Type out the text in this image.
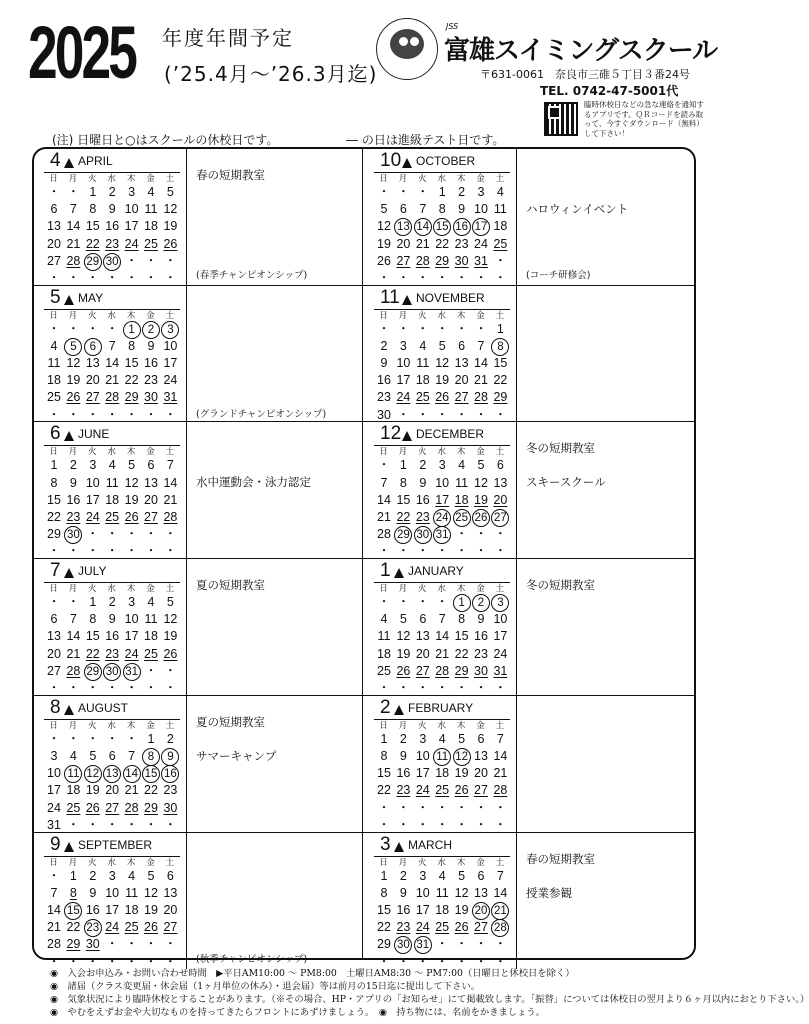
2025 年度年間予定
(’25.4月～’26.3月迄)
JSS
富雄スイミングスクール
〒631-0061　奈良市三碓５丁目３番24号
TEL. 0742-47-5001代
臨時休校日などの急な連絡を通知するアプリです。ＱＲコードを読み取って、今すぐダウンロード（無料）して下さい！
(注) 日曜日と○はスクールの休校日です。	― の日は進級テスト日です。
4 APRIL
日	月	火	水	木	金	土
・ ・ 1 2 3 4 5
6 7 8 9 10 11 12
13 14 15 16 17 18 19
20 21 22 23 24 25 26
27 28 29 30 ・ ・ ・
・ ・ ・ ・ ・ ・ ・
春の短期教室
(春季チャンピオンシップ)
5 MAY
日	月	火	水	木	金	土
・ ・ ・ ・ 1	2	3
4	5	6	7 8 9 10
11 12 13 14 15 16 17
18 19 20 21 22 23 24
25 26 27 28 29 30 31
・ ・ ・ ・ ・ ・ ・	(グランドチャンピオンシップ)
6 JUNE
日	月	火	水	木	金	土
1 2 3 4 5 6 7
8 9 10 11 12 13 14
15 16 17 18 19 20 21
22 23 24 25 26 27 28
29 30 ・ ・ ・ ・ ・
・ ・ ・ ・ ・ ・ ・
水中運動会・泳力認定
7 JULY
日	月	火	水	木	金	土
・ ・ 1 2 3 4 5
6 7 8 9 10 11 12
13 14 15 16 17 18 19
20 21 22 23 24 25 26
27 28 29 30 31 ・ ・
・ ・ ・ ・ ・ ・ ・
夏の短期教室
8 AUGUST
日	月	火	水	木	金	土
・ ・ ・ ・ ・ 1 2
3 4 5 6 7	8	9
10 11 12 13 14 15 16
17 18 19 20 21 22 23
24 25 26 27 28 29 30
31 ・ ・ ・ ・ ・ ・
夏の短期教室
サマーキャンプ
9 SEPTEMBER
日	月	火	水	木	金	土
・ 1 2 3 4 5 6
7 8 9 10 11 12 13
14 15 16 17 18 19 20
21 22 23 24 25 26 27
28 29 30 ・ ・ ・ ・
・ ・ ・ ・ ・ ・ ・	(秋季チャンピオンシップ)
10 OCTOBER
日	月	火	水	木	金	土
・ ・ ・ 1 2 3 4
5 6 7 8 9 10 11
12 13 14 15 16 17 18
19 20 21 22 23 24 25
26 27 28 29 30 31 ・
・ ・ ・ ・ ・ ・ ・
ハロウィンイベント
(コーチ研修会)
11 NOVEMBER
日	月	火	水	木	金	土
・ ・ ・ ・ ・ ・ 1
2 3 4 5 6 7	8
9 10 11 12 13 14 15
16 17 18 19 20 21 22
23 24 25 26 27 28 29
30 ・ ・ ・ ・ ・ ・
12 DECEMBER
日	月	火	水	木	金	土
・ 1 2 3 4 5 6
7 8 9 10 11 12 13
14 15 16 17 18 19 20
21 22 23 24 25 26 27
28 29 30 31 ・ ・ ・
・ ・ ・ ・ ・ ・ ・
冬の短期教室
スキースクール
1 JANUARY
日	月	火	水	木	金	土
・ ・ ・ ・ 1	2	3
4 5 6 7 8 9 10
11 12 13 14 15 16 17
18 19 20 21 22 23 24
25 26 27 28 29 30 31
・ ・ ・ ・ ・ ・ ・
冬の短期教室
2 FEBRUARY
日	月	火	水	木	金	土
1 2 3 4 5 6 7
8 9 10 11 12 13 14
15 16 17 18 19 20 21
22 23 24 25 26 27 28
・ ・ ・ ・ ・ ・ ・
・ ・ ・ ・ ・ ・ ・
3 MARCH
日	月	火	水	木	金	土
1 2 3 4 5 6 7
8 9 10 11 12 13 14
15 16 17 18 19 20 21
22 23 24 25 26 27 28
29 30 31 ・ ・ ・ ・
・ ・ ・ ・ ・ ・ ・
春の短期教室
授業参観
◉　入会お申込み・お問い合わせ時間　▶平日AM10:00 ～ PM8:00　土曜日AM8:30 ～ PM7:00（日曜日と休校日を除く）
◉　諸届（クラス変更届・休会届（1ヶ月単位の休み）・退会届）等は前月の15日迄に提出して下さい。
◉　気象状況により臨時休校とすることがあります。（※その場合、HP・アプリの「お知らせ」にて掲載致します。「振替」については休校日の翌月より６ヶ月以内におとり下さい。）
◉　やむをえずお金や大切なものを持ってきたらフロントにあずけましょう。　◉　持ち物には、名前をかきましょう。
